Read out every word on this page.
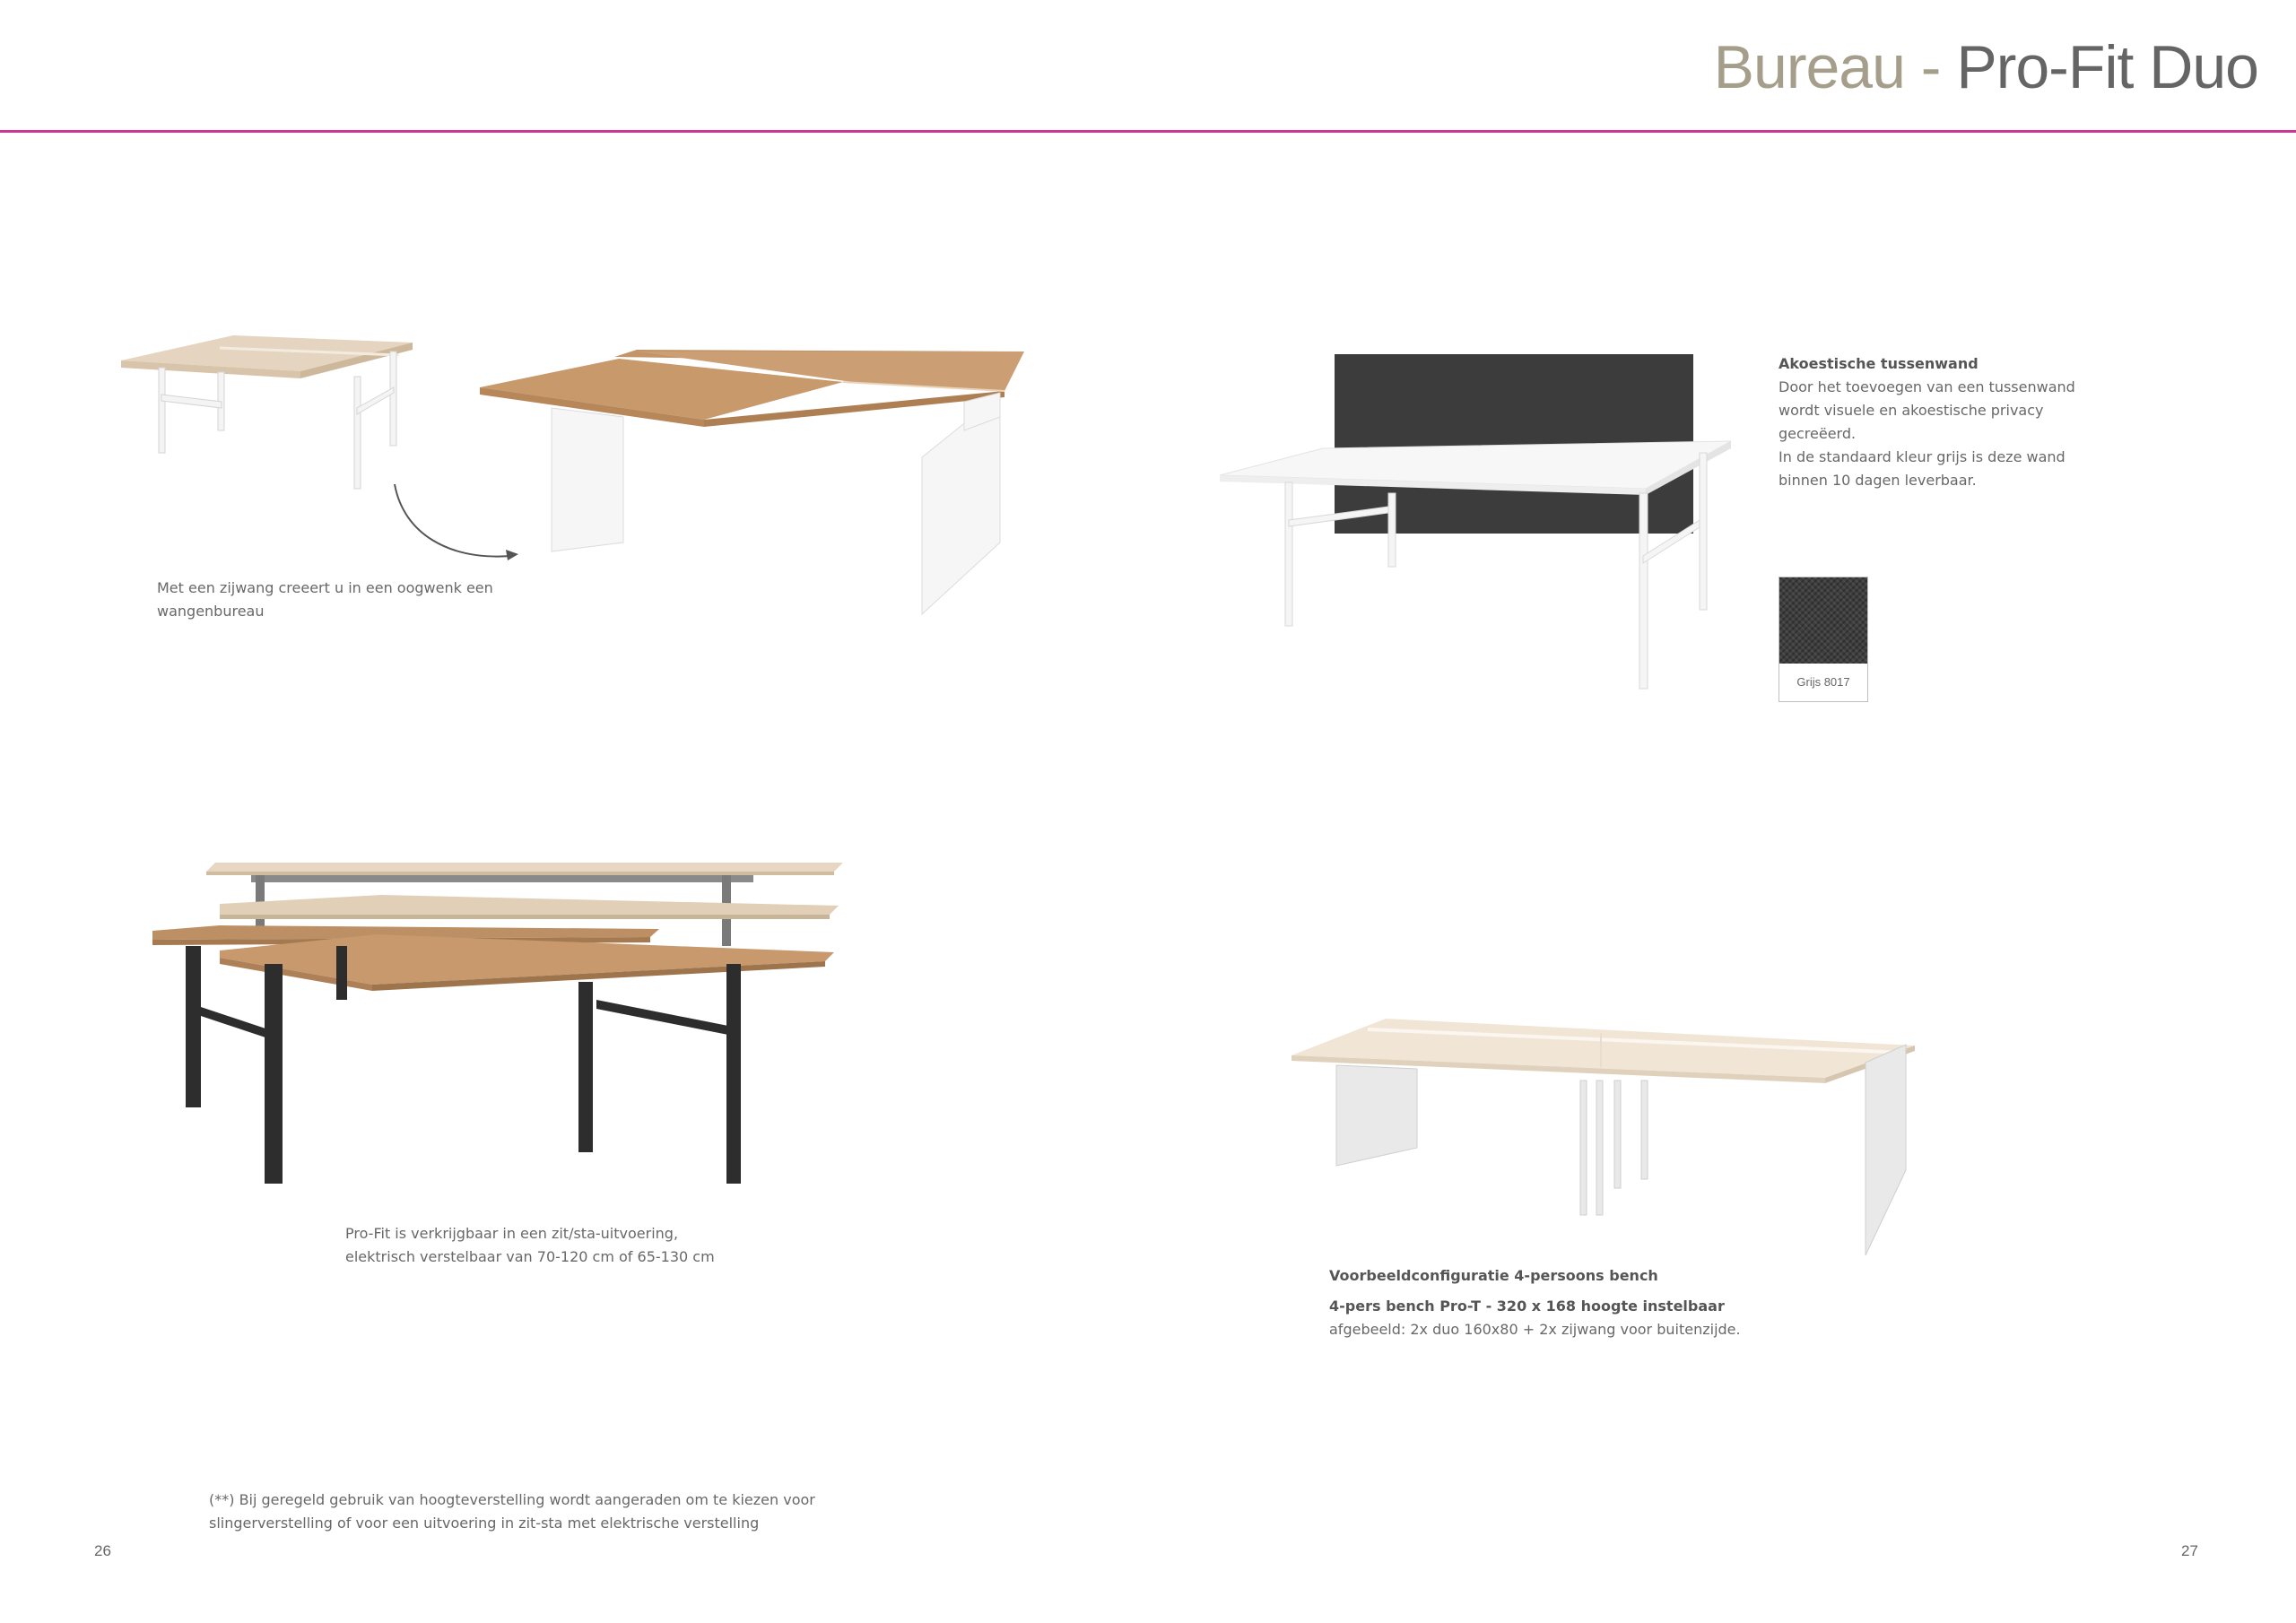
Bureau - Pro-Fit Duo
Met een zijwang creeert u in een oogwenk een
wangenbureau
Akoestische tussenwand
Door het toevoegen van een tussenwand
wordt visuele en akoestische privacy
gecreëerd.
In de standaard kleur grijs is deze wand
binnen 10 dagen leverbaar.
Grijs 8017
Pro-Fit is verkrijgbaar in een zit/sta-uitvoering,
elektrisch verstelbaar van 70-120 cm of 65-130 cm
Voorbeeldconfiguratie 4-persoons bench
4-pers bench Pro-T - 320 x 168 hoogte instelbaar
afgebeeld: 2x duo 160x80 + 2x zijwang voor buitenzijde.
(**) Bij geregeld gebruik van hoogteverstelling wordt aangeraden om te kiezen voor
slingerverstelling of voor een uitvoering in zit-sta met elektrische verstelling
26	27
